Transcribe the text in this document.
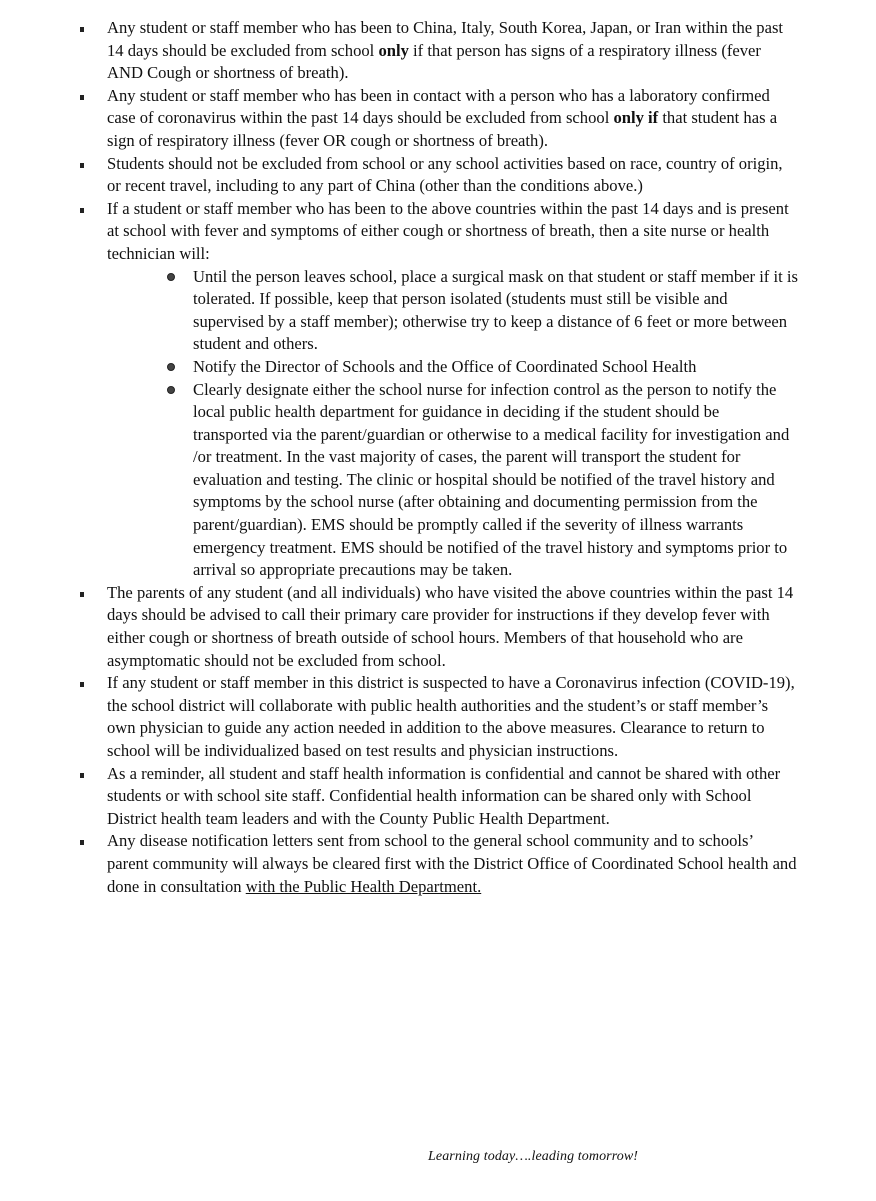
Any student or staff member who has been to China, Italy, South Korea, Japan, or Iran within the past 14 days should be excluded from school only if that person has signs of a respiratory illness (fever AND Cough or shortness of breath).
Any student or staff member who has been in contact with a person who has a laboratory confirmed case of coronavirus within the past 14 days should be excluded from school only if that student has a sign of respiratory illness (fever OR cough or shortness of breath).
Students should not be excluded from school or any school activities based on race, country of origin, or recent travel, including to any part of China (other than the conditions above.)
If a student or staff member who has been to the above countries within the past 14 days and is present at school with fever and symptoms of either cough or shortness of breath, then a site nurse or health technician will:
Until the person leaves school, place a surgical mask on that student or staff member if it is tolerated. If possible, keep that person isolated (students must still be visible and supervised by a staff member); otherwise try to keep a distance of 6 feet or more between student and others.
Notify the Director of Schools and the Office of Coordinated School Health
Clearly designate either the school nurse for infection control as the person to notify the local public health department for guidance in deciding if the student should be transported via the parent/guardian or otherwise to a medical facility for investigation and /or treatment. In the vast majority of cases, the parent will transport the student for evaluation and testing. The clinic or hospital should be notified of the travel history and symptoms by the school nurse (after obtaining and documenting permission from the parent/guardian). EMS should be promptly called if the severity of illness warrants emergency treatment. EMS should be notified of the travel history and symptoms prior to arrival so appropriate precautions may be taken.
The parents of any student (and all individuals) who have visited the above countries within the past 14 days should be advised to call their primary care provider for instructions if they develop fever with either cough or shortness of breath outside of school hours. Members of that household who are asymptomatic should not be excluded from school.
If any student or staff member in this district is suspected to have a Coronavirus infection (COVID-19), the school district will collaborate with public health authorities and the student’s or staff member’s own physician to guide any action needed in addition to the above measures. Clearance to return to school will be individualized based on test results and physician instructions.
As a reminder, all student and staff health information is confidential and cannot be shared with other students or with school site staff. Confidential health information can be shared only with School District health team leaders and with the County Public Health Department.
Any disease notification letters sent from school to the general school community and to schools’ parent community will always be cleared first with the District Office of Coordinated School health and done in consultation with the Public Health Department.
Learning today….leading tomorrow!
